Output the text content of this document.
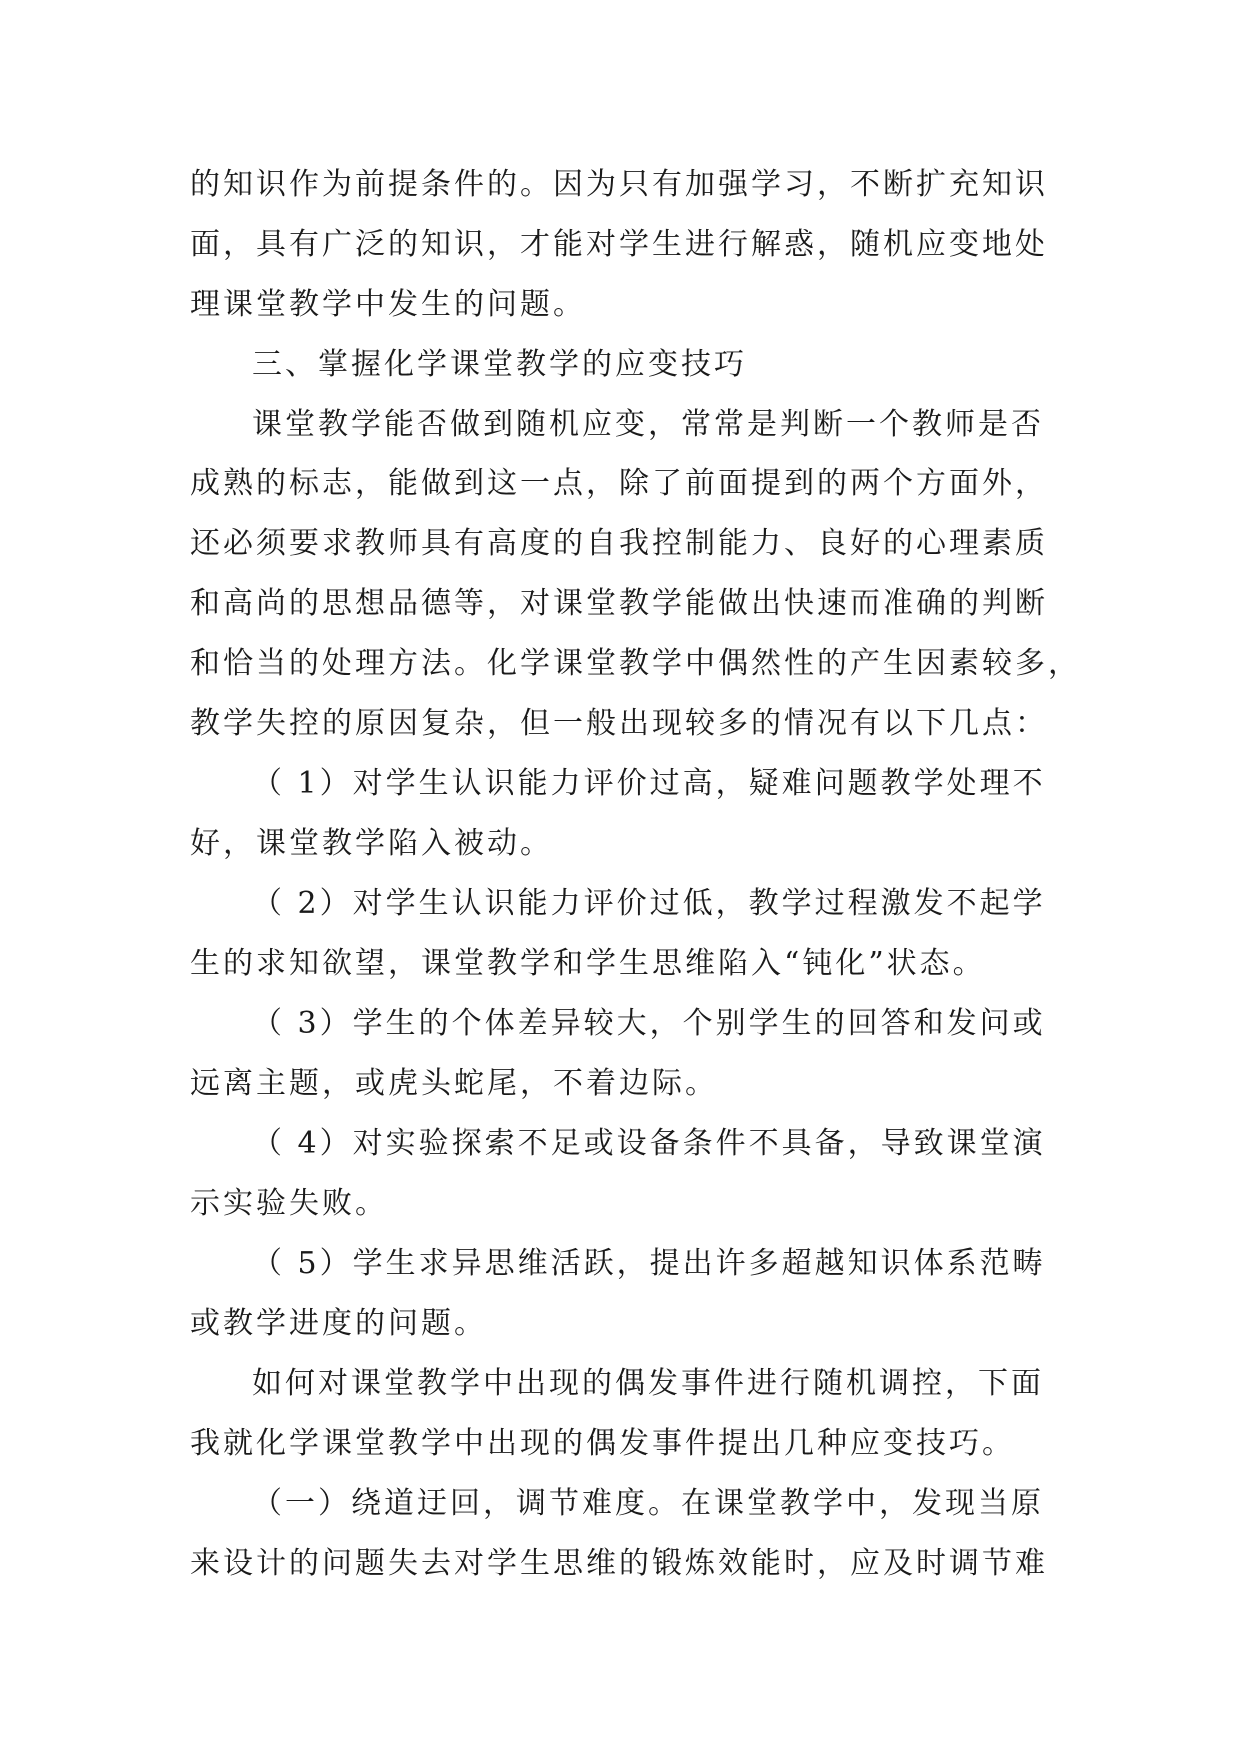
的知识作为前提条件的。因为只有加强学习，不断扩充知识

面，具有广泛的知识，才能对学生进行解惑，随机应变地处

理课堂教学中发生的问题。

三、掌握化学课堂教学的应变技巧

课堂教学能否做到随机应变，常常是判断一个教师是否

成熟的标志，能做到这一点，除了前面提到的两个方面外，

还必须要求教师具有高度的自我控制能力、良好的心理素质

和高尚的思想品德等，对课堂教学能做出快速而准确的判断

和恰当的处理方法。化学课堂教学中偶然性的产生因素较多，

教学失控的原因复杂，但一般出现较多的情况有以下几点：

（ 1）对学生认识能力评价过高，疑难问题教学处理不

好，课堂教学陷入被动。

（ 2）对学生认识能力评价过低，教学过程激发不起学

生的求知欲望，课堂教学和学生思维陷入“钝化”状态。

（ 3）学生的个体差异较大，个别学生的回答和发问或

远离主题，或虎头蛇尾，不着边际。

（ 4）对实验探索不足或设备条件不具备，导致课堂演

示实验失败。

（ 5）学生求异思维活跃，提出许多超越知识体系范畴

或教学进度的问题。

如何对课堂教学中出现的偶发事件进行随机调控，下面

我就化学课堂教学中出现的偶发事件提出几种应变技巧。

（一）绕道迂回，调节难度。在课堂教学中，发现当原

来设计的问题失去对学生思维的锻炼效能时，应及时调节难
